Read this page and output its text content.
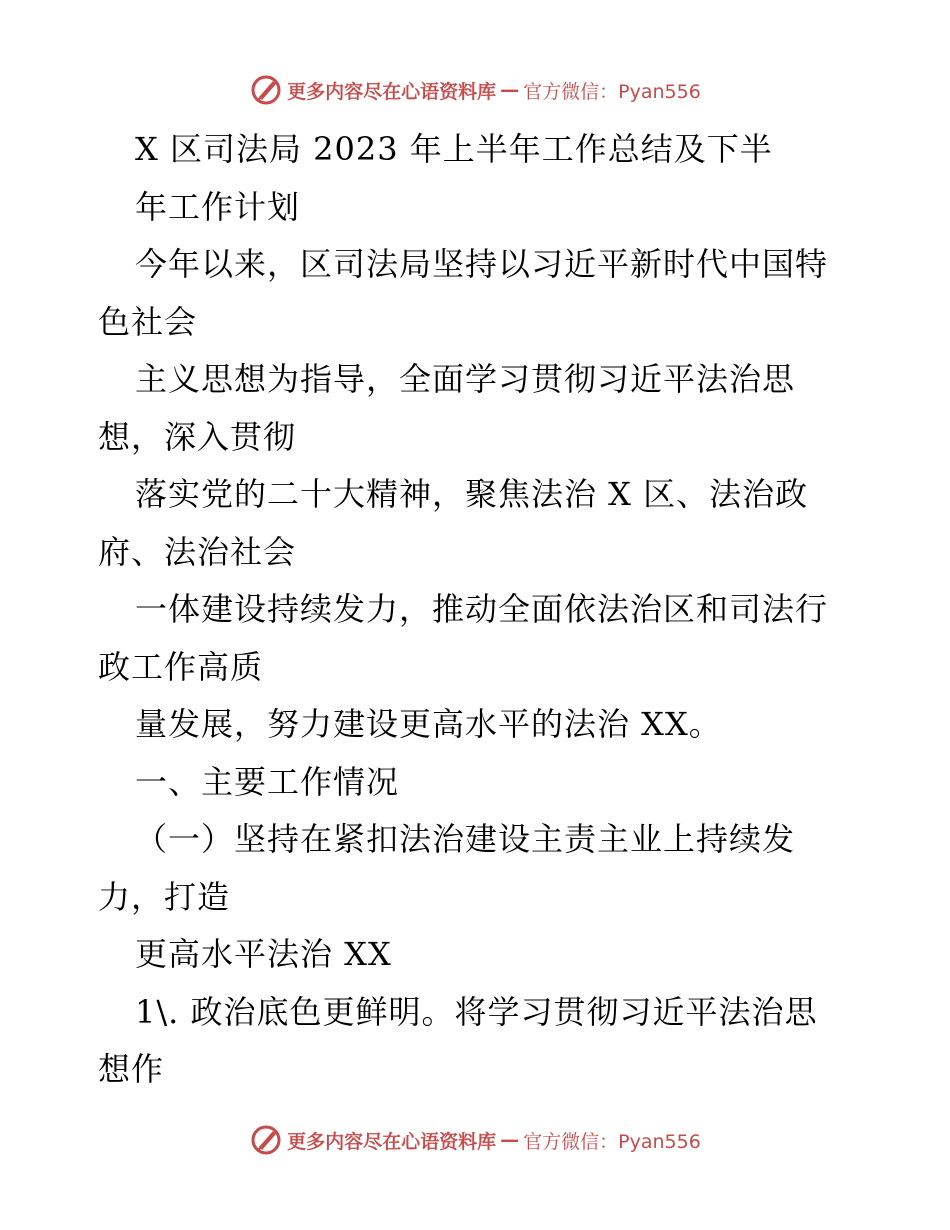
更多内容尽在心语资料库 — 官方微信：Pyan556
X 区司法局 2023 年上半年工作总结及下半
年工作计划
今年以来，区司法局坚持以习近平新时代中国特
色社会
主义思想为指导，全面学习贯彻习近平法治思
想，深入贯彻
落实党的二十大精神，聚焦法治 X 区、法治政
府、法治社会
一体建设持续发力，推动全面依法治区和司法行
政工作高质
量发展，努力建设更高水平的法治 XX。
一、主要工作情况
（一）坚持在紧扣法治建设主责主业上持续发
力，打造
更高水平法治 XX
1\. 政治底色更鲜明。将学习贯彻习近平法治思
想作
更多内容尽在心语资料库 — 官方微信：Pyan556
